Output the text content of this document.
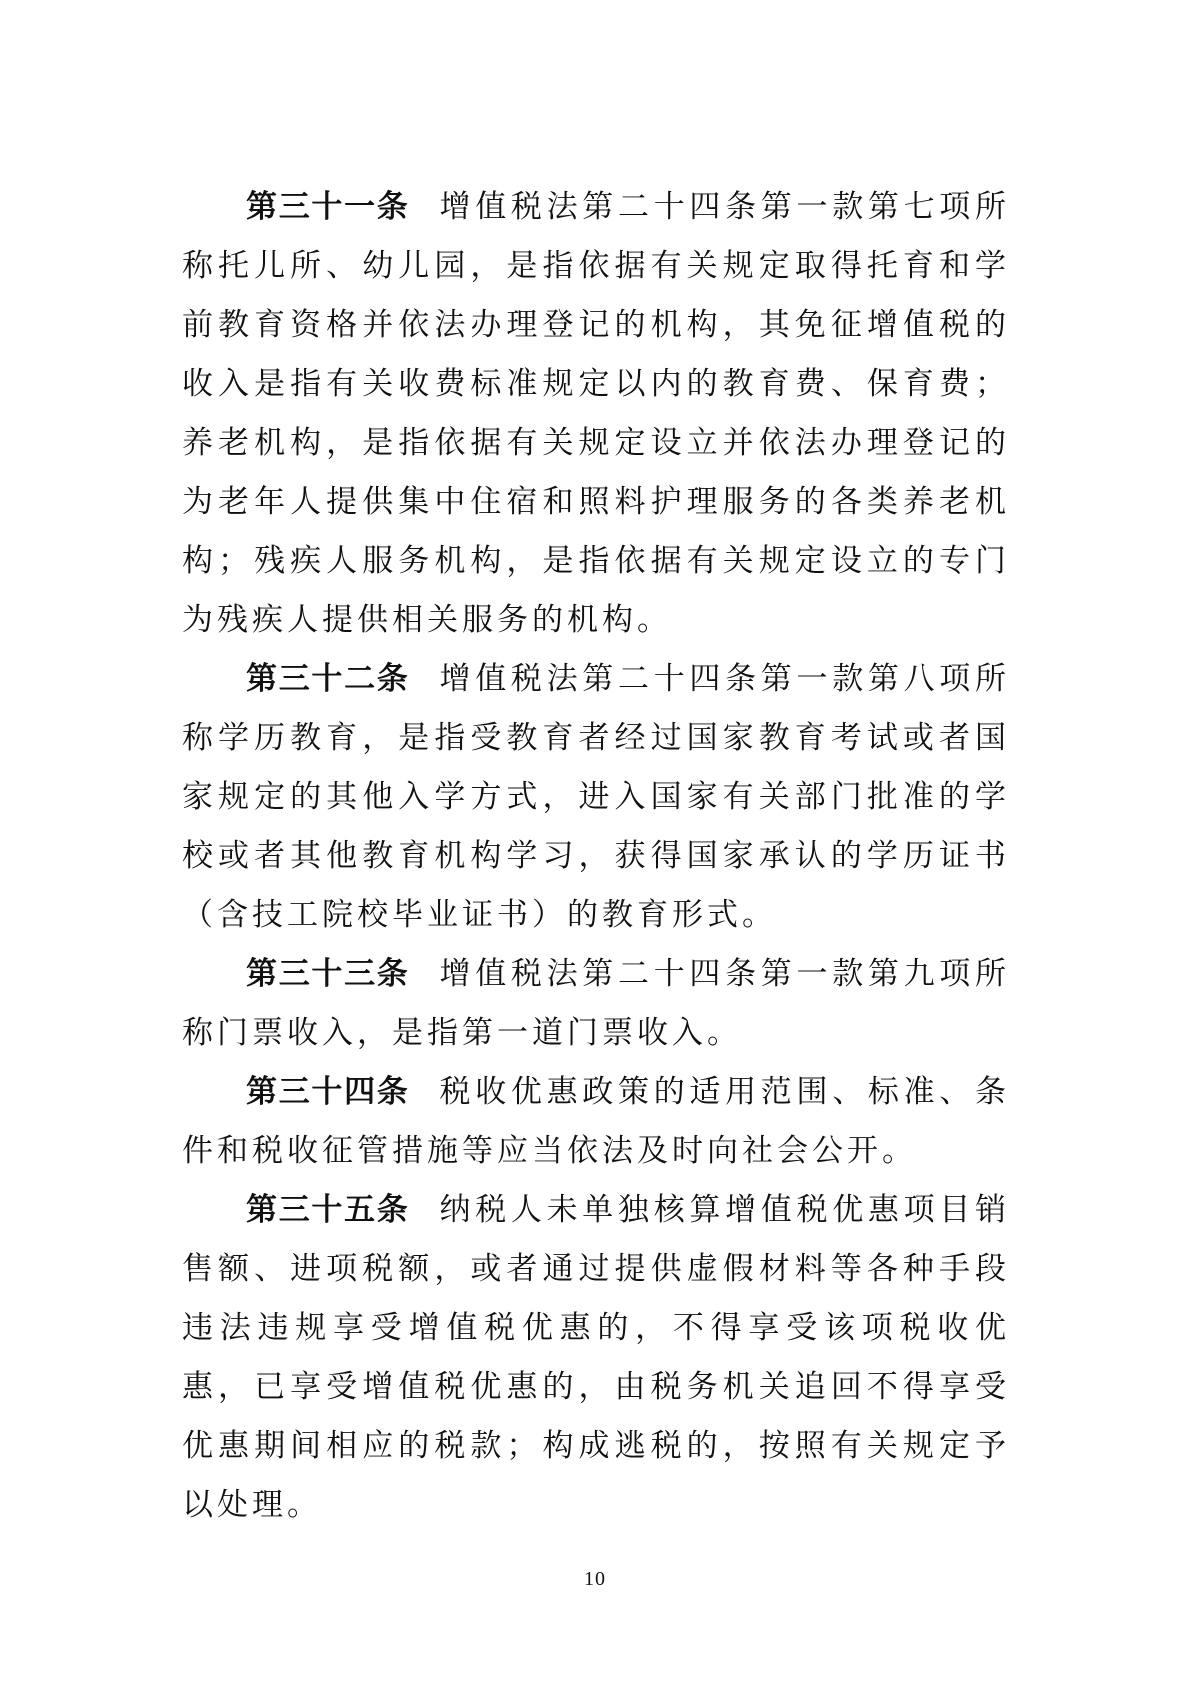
第三十一条 增值税法第二十四条第一款第七项所称托儿所、幼儿园，是指依据有关规定取得托育和学前教育资格并依法办理登记的机构，其免征增值税的收入是指有关收费标准规定以内的教育费、保育费；养老机构，是指依据有关规定设立并依法办理登记的为老年人提供集中住宿和照料护理服务的各类养老机构；残疾人服务机构，是指依据有关规定设立的专门为残疾人提供相关服务的机构。

第三十二条 增值税法第二十四条第一款第八项所称学历教育，是指受教育者经过国家教育考试或者国家规定的其他入学方式，进入国家有关部门批准的学校或者其他教育机构学习，获得国家承认的学历证书（含技工院校毕业证书）的教育形式。

第三十三条 增值税法第二十四条第一款第九项所称门票收入，是指第一道门票收入。

第三十四条 税收优惠政策的适用范围、标准、条件和税收征管措施等应当依法及时向社会公开。

第三十五条 纳税人未单独核算增值税优惠项目销售额、进项税额，或者通过提供虚假材料等各种手段违法违规享受增值税优惠的，不得享受该项税收优惠，已享受增值税优惠的，由税务机关追回不得享受优惠期间相应的税款；构成逃税的，按照有关规定予以处理。

10
